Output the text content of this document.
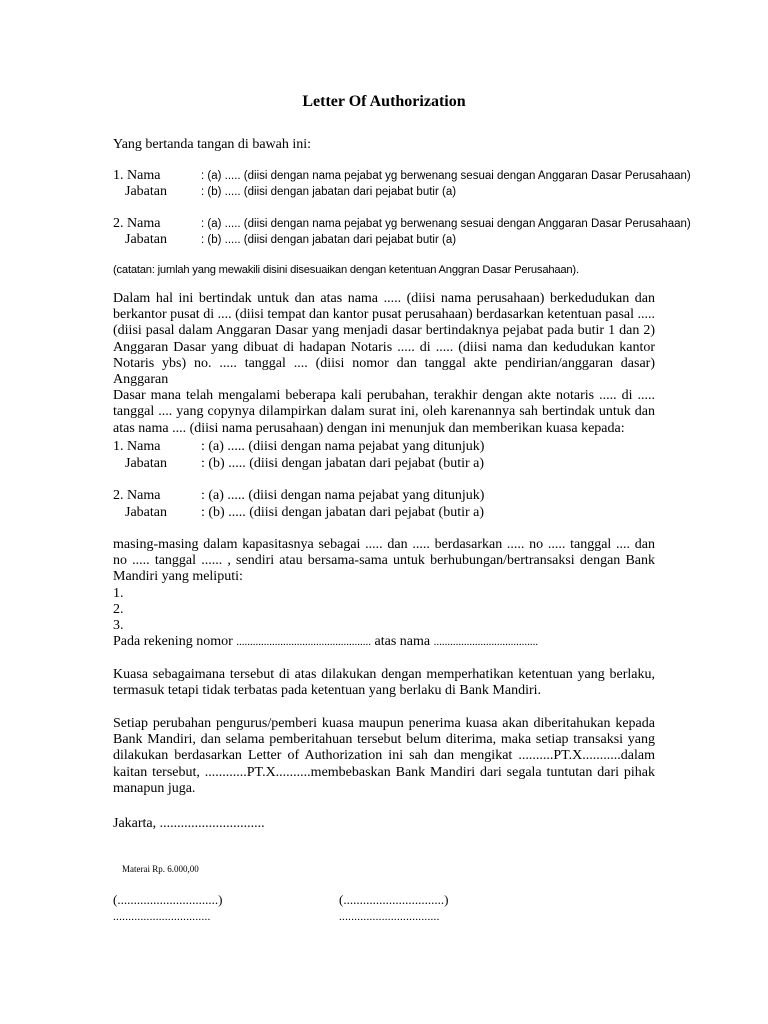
Letter Of Authorization
Yang bertanda tangan di bawah ini:
1. Nama	: (a) ..... (diisi dengan nama pejabat yg berwenang sesuai dengan Anggaran Dasar Perusahaan)
Jabatan	: (b) ..... (diisi dengan jabatan dari pejabat butir (a)
2. Nama	: (a) ..... (diisi dengan nama pejabat yg berwenang sesuai dengan Anggaran Dasar Perusahaan)
Jabatan	: (b) ..... (diisi dengan jabatan dari pejabat butir (a)
(catatan: jumlah yang mewakili disini disesuaikan dengan ketentuan Anggran Dasar Perusahaan).
Dalam hal ini bertindak untuk dan atas nama ..... (diisi nama perusahaan) berkedudukan dan
berkantor pusat di .... (diisi tempat dan kantor pusat perusahaan) berdasarkan ketentuan pasal .....
(diisi pasal dalam Anggaran Dasar yang menjadi dasar bertindaknya pejabat pada butir 1 dan 2)
Anggaran Dasar yang dibuat di hadapan Notaris ..... di ..... (diisi nama dan kedudukan kantor
Notaris ybs) no. ..... tanggal .... (diisi nomor dan tanggal akte pendirian/anggaran dasar) Anggaran
Dasar mana telah mengalami beberapa kali perubahan, terakhir dengan akte notaris ..... di .....
tanggal .... yang copynya dilampirkan dalam surat ini, oleh karenannya sah bertindak untuk dan
atas nama .... (diisi nama perusahaan) dengan ini menunjuk dan memberikan kuasa kepada:
1. Nama	: (a) ..... (diisi dengan nama pejabat yang ditunjuk)
Jabatan : (b) ..... (diisi dengan jabatan dari pejabat (butir a)
2. Nama	: (a) ..... (diisi dengan nama pejabat yang ditunjuk)
Jabatan : (b) ..... (diisi dengan jabatan dari pejabat (butir a)
masing-masing dalam kapasitasnya sebagai ..... dan ..... berdasarkan ..... no ..... tanggal .... dan
no ..... tanggal ...... , sendiri atau bersama-sama untuk berhubungan/bertransaksi dengan Bank
Mandiri yang meliputi:
1.
2.
3.
Pada rekening nomor ................................................. atas nama ......................................
Kuasa sebagaimana tersebut di atas dilakukan dengan memperhatikan ketentuan yang berlaku,
termasuk tetapi tidak terbatas pada ketentuan yang berlaku di Bank Mandiri.
Setiap perubahan pengurus/pemberi kuasa maupun penerima kuasa akan diberitahukan kepada
Bank Mandiri, dan selama pemberitahuan tersebut belum diterima, maka setiap transaksi yang
dilakukan berdasarkan Letter of Authorization ini sah dan mengikat ..........PT.X...........dalam
kaitan tersebut, ............PT.X..........membebaskan Bank Mandiri dari segala tuntutan dari pihak
manapun juga.
Jakarta, ..............................
Materai Rp. 6.000,00
(...............................)
................................
(...............................)
.................................
